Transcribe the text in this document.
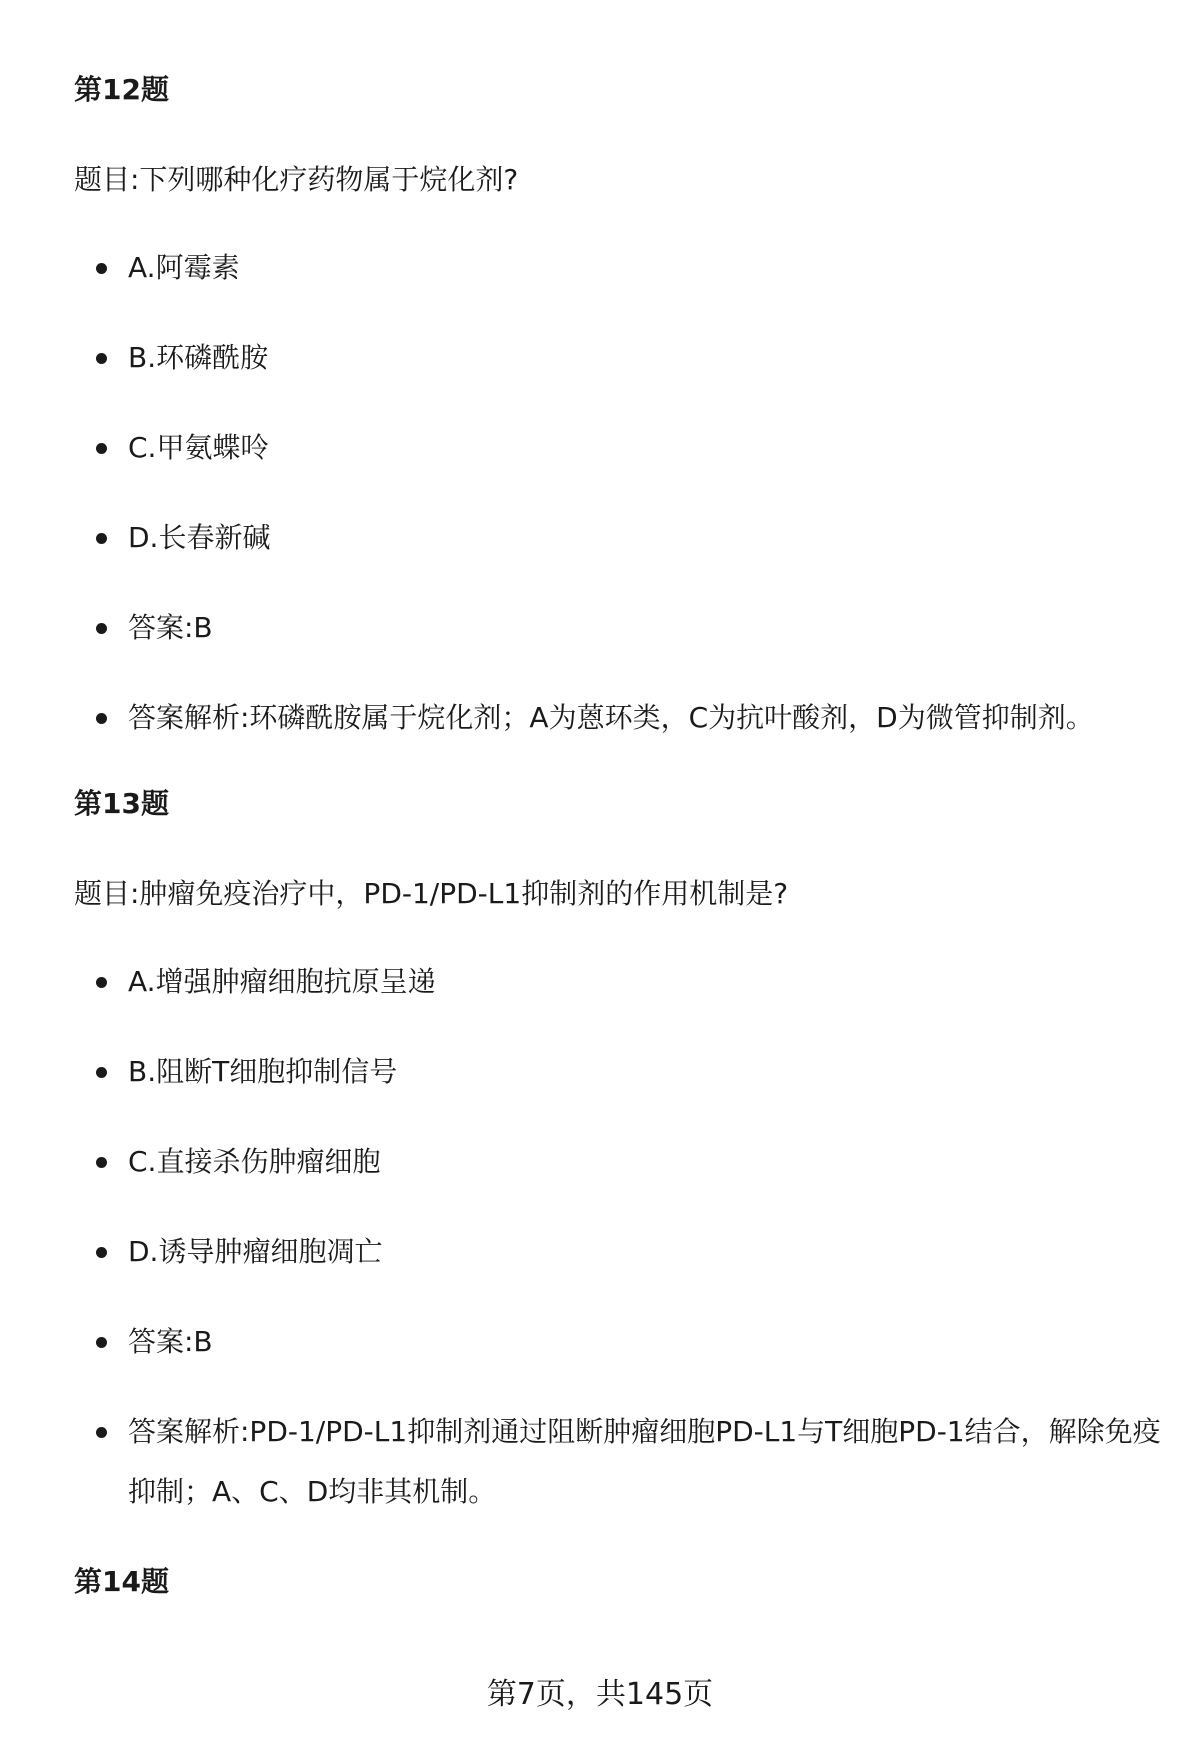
第12题

题目:下列哪种化疗药物属于烷化剂?

A.阿霉素
B.环磷酰胺
C.甲氨蝶呤
D.长春新碱
答案:B
答案解析:环磷酰胺属于烷化剂；A为蒽环类，C为抗叶酸剂，D为微管抑制剂。
第13题

题目:肿瘤免疫治疗中，PD-1/PD-L1抑制剂的作用机制是?

A.增强肿瘤细胞抗原呈递
B.阻断T细胞抑制信号
C.直接杀伤肿瘤细胞
D.诱导肿瘤细胞凋亡
答案:B
答案解析:PD-1/PD-L1抑制剂通过阻断肿瘤细胞PD-L1与T细胞PD-1结合，解除免疫抑制；A、C、D均非其机制。
第14题
第7页，共145页
